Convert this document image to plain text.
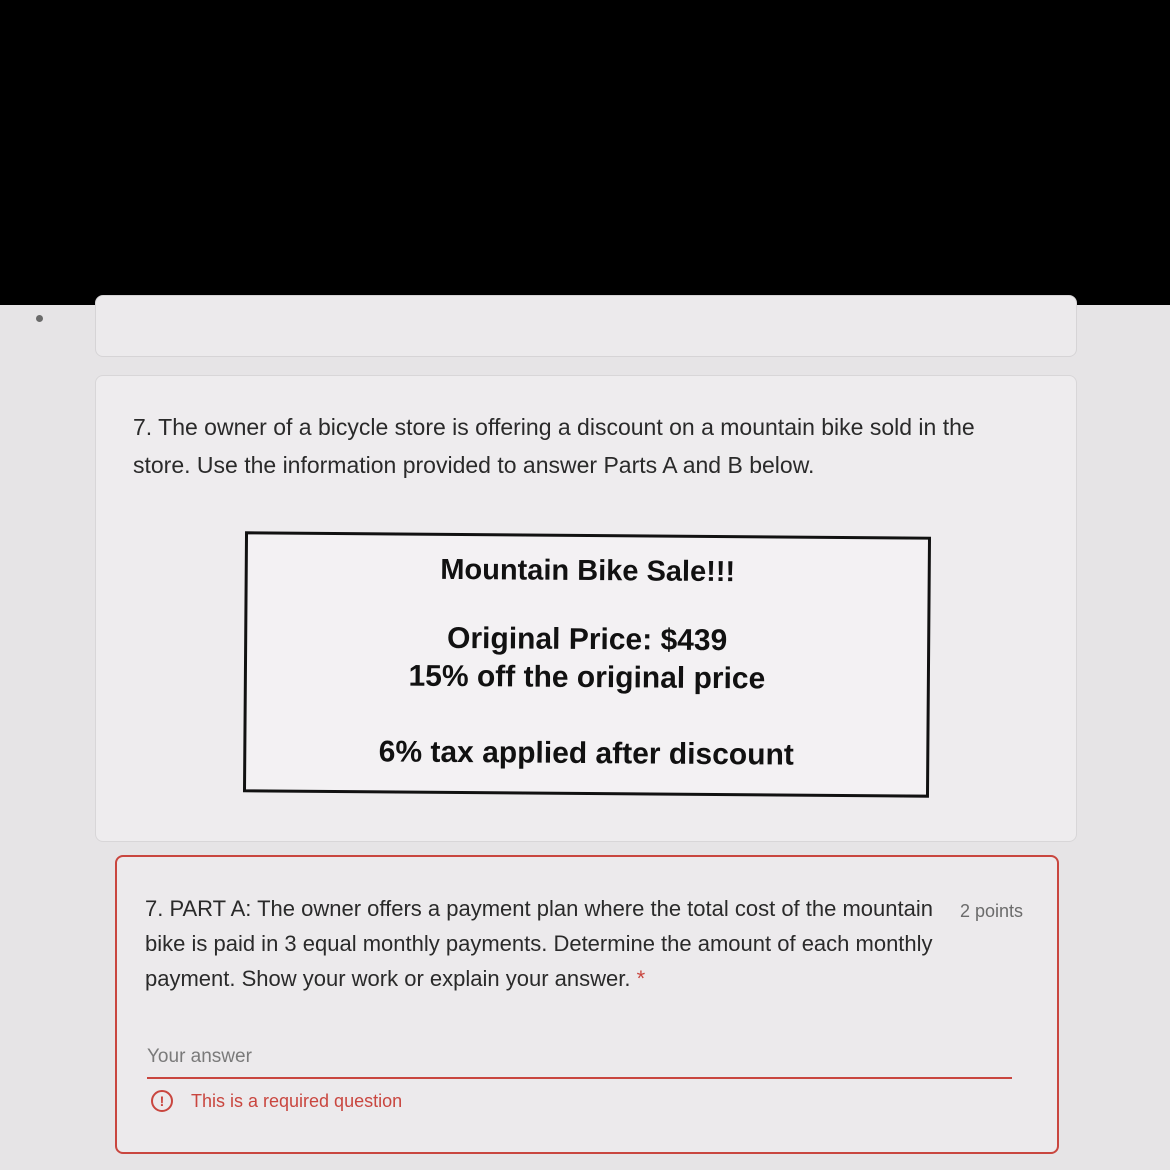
7. The owner of a bicycle store is offering a discount on a mountain bike sold in the store. Use the information provided to answer Parts A and B below.

Mountain Bike Sale!!!

Original Price: $439

15% off the original price

6% tax applied after discount

7. PART A: The owner offers a payment plan where the total cost of the mountain bike is paid in 3 equal monthly payments. Determine the amount of each monthly payment. Show your work or explain your answer. *

2 points
Your answer
!	This is a required question
